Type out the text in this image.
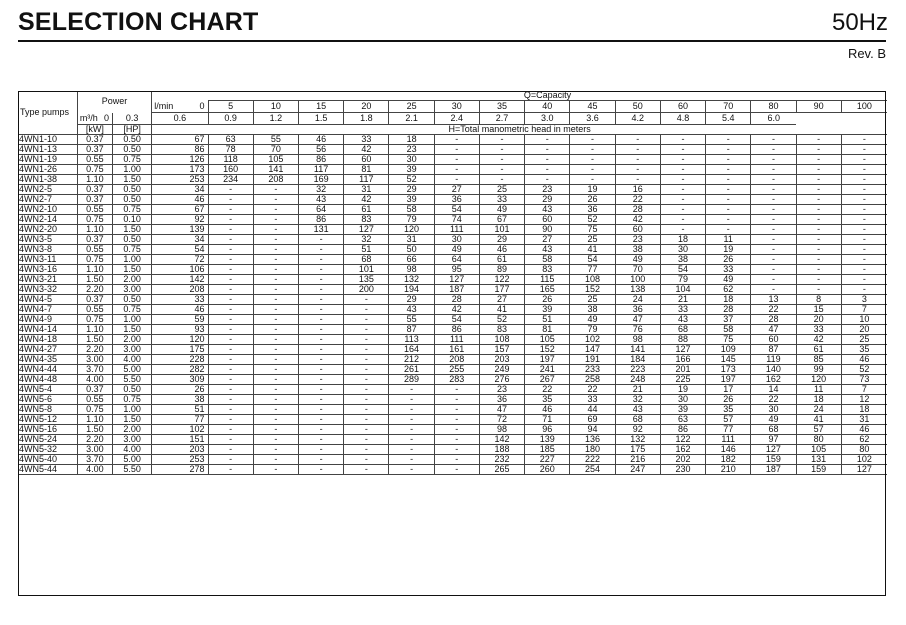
SELECTION CHART	50Hz
Rev. B
Type pumps	Power			Q=Capacity														
			l/min 0	5	10	15	20	25	30	35	40	45	50	60	70	80	90	100
	m³/h 0	0.3	0.6	0.9	1.2	1.5	1.8	2.1	2.4	2.7	3.0	3.6	4.2	4.8	5.4	6.0		
	[kW]	[HP]	H=Total manometric head in meters															
4WN1-10	0.37	0.50	67	63	55	46	33	18	-	-	-	-	-	-	-	-	-	-
4WN1-13	0.37	0.50	86	78	70	56	42	23	-	-	-	-	-	-	-	-	-	-
4WN1-19	0.55	0.75	126	118	105	86	60	30	-	-	-	-	-	-	-	-	-	-
4WN1-26	0.75	1.00	173	160	141	117	81	39	-	-	-	-	-	-	-	-	-	-
4WN1-38	1.10	1.50	253	234	208	169	117	52	-	-	-	-	-	-	-	-	-	-
4WN2-5	0.37	0.50	34	-	-	32	31	29	27	25	23	19	16	-	-	-	-	-
4WN2-7	0.37	0.50	46	-	-	43	42	39	36	33	29	26	22	-	-	-	-	-
4WN2-10	0.55	0.75	67	-	-	64	61	58	54	49	43	36	28	-	-	-	-	-
4WN2-14	0.75	0.10	92	-	-	86	83	79	74	67	60	52	42	-	-	-	-	-
4WN2-20	1.10	1.50	139	-	-	131	127	120	111	101	90	75	60	-	-	-	-	-
4WN3-5	0.37	0.50	34	-	-	-	32	31	30	29	27	25	23	18	11	-	-	-
4WN3-8	0.55	0.75	54	-	-	-	51	50	49	46	43	41	38	30	19	-	-	-
4WN3-11	0.75	1.00	72	-	-	-	68	66	64	61	58	54	49	38	26	-	-	-
4WN3-16	1.10	1.50	106	-	-	-	101	98	95	89	83	77	70	54	33	-	-	-
4WN3-21	1.50	2.00	142	-	-	-	135	132	127	122	115	108	100	79	49	-	-	-
4WN3-32	2.20	3.00	208	-	-	-	200	194	187	177	165	152	138	104	62	-	-	-
4WN4-5	0.37	0.50	33	-	-	-	-	29	28	27	26	25	24	21	18	13	8	3
4WN4-7	0.55	0.75	46	-	-	-	-	43	42	41	39	38	36	33	28	22	15	7
4WN4-9	0.75	1.00	59	-	-	-	-	55	54	52	51	49	47	43	37	28	20	10
4WN4-14	1.10	1.50	93	-	-	-	-	87	86	83	81	79	76	68	58	47	33	20
4WN4-18	1.50	2.00	120	-	-	-	-	113	111	108	105	102	98	88	75	60	42	25
4WN4-27	2.20	3.00	175	-	-	-	-	164	161	157	152	147	141	127	109	87	61	35
4WN4-35	3.00	4.00	228	-	-	-	-	212	208	203	197	191	184	166	145	119	85	46
4WN4-44	3.70	5.00	282	-	-	-	-	261	255	249	241	233	223	201	173	140	99	52
4WN4-48	4.00	5.50	309	-	-	-	-	289	283	276	267	258	248	225	197	162	120	73
4WN5-4	0.37	0.50	26	-	-	-	-	-	-	23	22	22	21	19	17	14	11	7
4WN5-6	0.55	0.75	38	-	-	-	-	-	-	36	35	33	32	30	26	22	18	12
4WN5-8	0.75	1.00	51	-	-	-	-	-	-	47	46	44	43	39	35	30	24	18
4WN5-12	1.10	1.50	77	-	-	-	-	-	-	72	71	69	68	63	57	49	41	31
4WN5-16	1.50	2.00	102	-	-	-	-	-	-	98	96	94	92	86	77	68	57	46
4WN5-24	2.20	3.00	151	-	-	-	-	-	-	142	139	136	132	122	111	97	80	62
4WN5-32	3.00	4.00	203	-	-	-	-	-	-	188	185	180	175	162	146	127	105	80
4WN5-40	3.70	5.00	253	-	-	-	-	-	-	232	227	222	216	202	182	159	131	102
4WN5-44	4.00	5.50	278	-	-	-	-	-	-	265	260	254	247	230	210	187	159	127
